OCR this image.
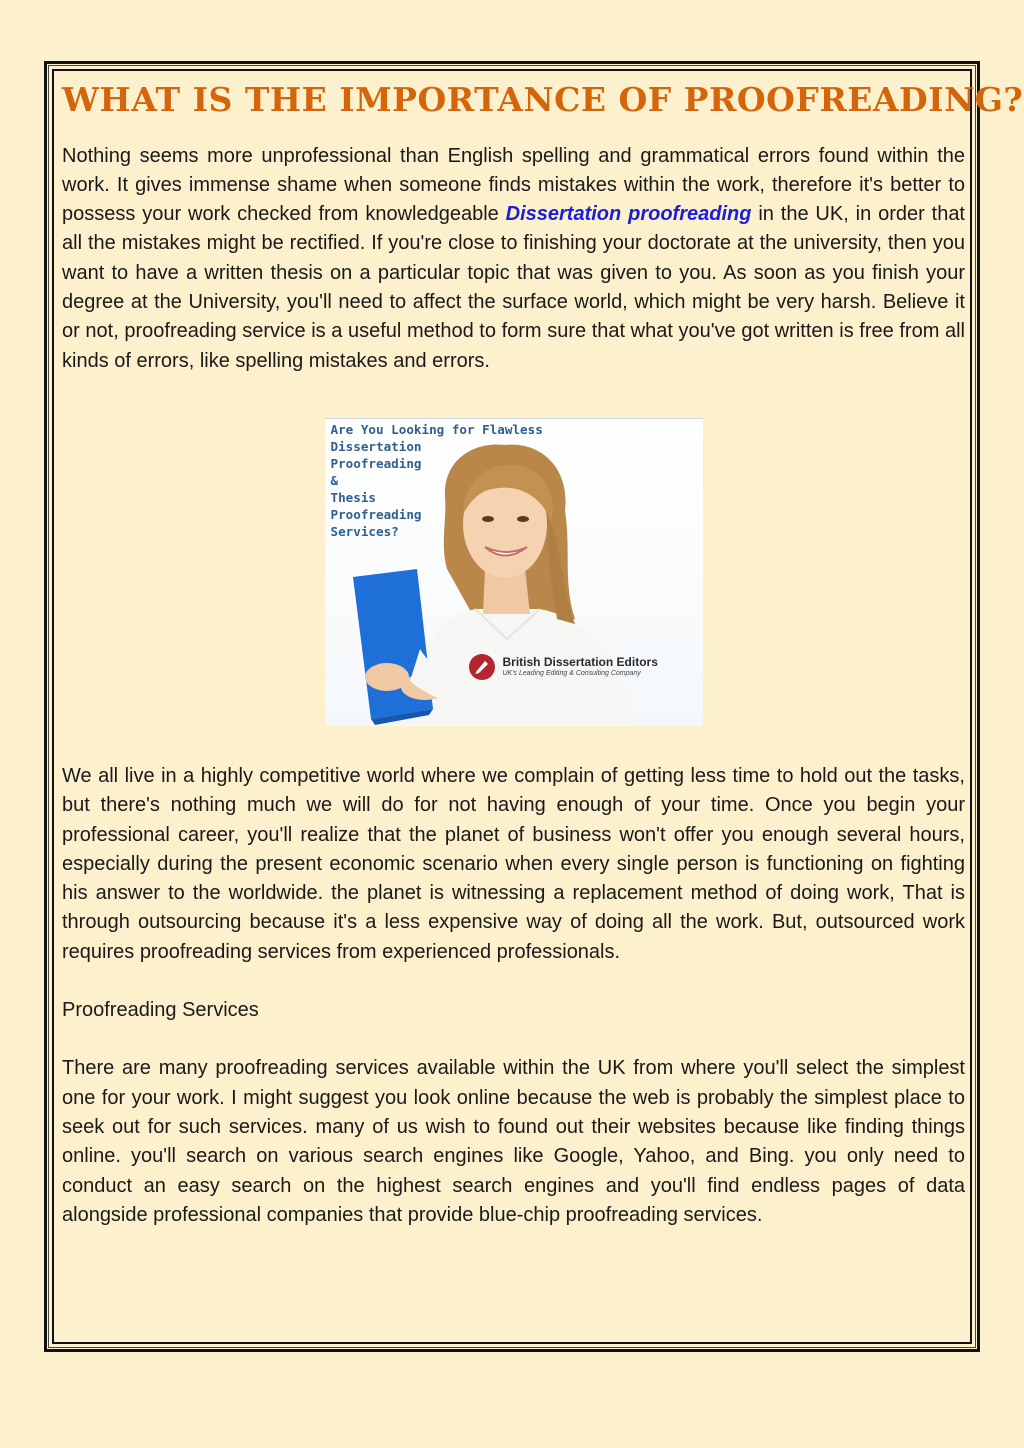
WHAT IS THE IMPORTANCE OF PROOFREADING?

Nothing seems more unprofessional than English spelling and grammatical errors found within the work. It gives immense shame when someone finds mistakes within the work, therefore it's better to possess your work checked from knowledgeable Dissertation proofreading in the UK, in order that all the mistakes might be rectified. If you're close to finishing your doctorate at the university, then you want to have a written thesis on a particular topic that was given to you. As soon as you finish your degree at the University, you'll need to affect the surface world, which might be very harsh. Believe it or not, proofreading service is a useful method to form sure that what you've got written is free from all kinds of errors, like spelling mistakes and errors.

Are You Looking for Flawless
Dissertation
Proofreading
&
Thesis
Proofreading
Services?
British Dissertation Editors
UK's Leading Editing & Consulting Company

We all live in a highly competitive world where we complain of getting less time to hold out the tasks, but there's nothing much we will do for not having enough of your time. Once you begin your professional career, you'll realize that the planet of business won't offer you enough several hours, especially during the present economic scenario when every single person is functioning on fighting his answer to the worldwide. the planet is witnessing a replacement method of doing work, That is through outsourcing because it's a less expensive way of doing all the work. But, outsourced work requires proofreading services from experienced professionals.

Proofreading Services

There are many proofreading services available within the UK from where you'll select the simplest one for your work. I might suggest you look online because the web is probably the simplest place to seek out for such services. many of us wish to found out their websites because like finding things online. you'll search on various search engines like Google, Yahoo, and Bing. you only need to conduct an easy search on the highest search engines and you'll find endless pages of data alongside professional companies that provide blue-chip proofreading services.
